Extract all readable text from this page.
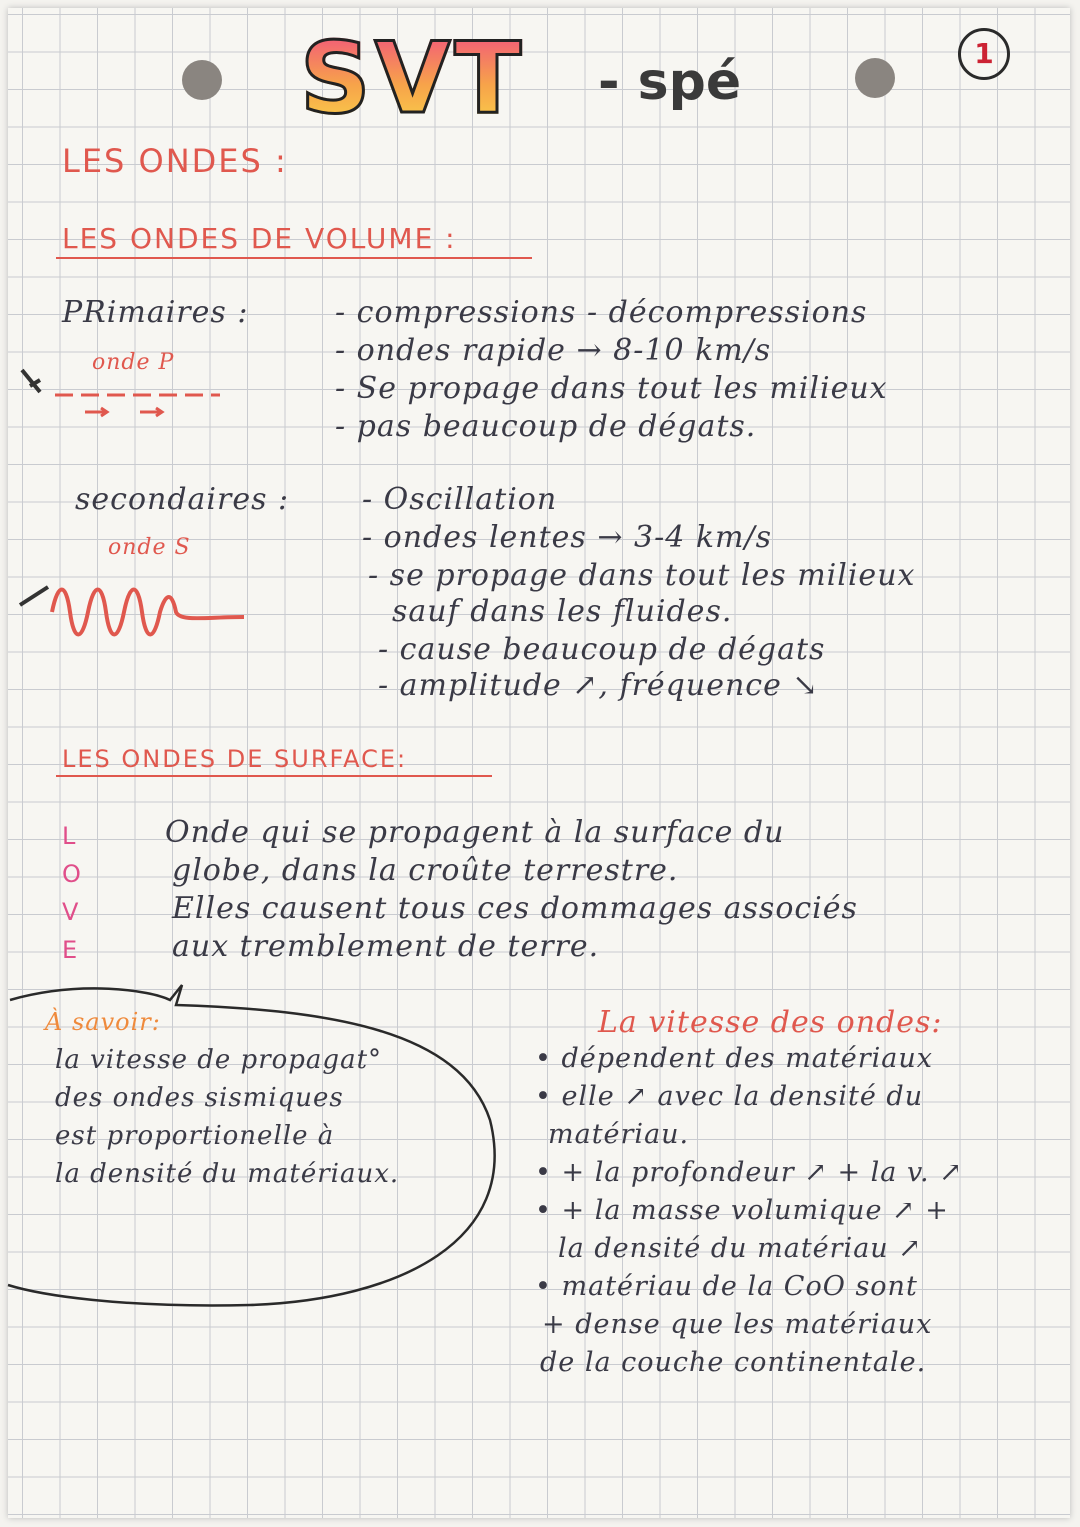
SVT - spé	1
LES ONDES :
LES ONDES DE VOLUME :
PRimaires :
onde P
- compressions - décompressions
- ondes rapide → 8-10 km/s
- Se propage dans tout les milieux
- pas beaucoup de dégats.
secondaires :
onde S
- Oscillation
- ondes lentes → 3-4 km/s
- se propage dans tout les milieux
sauf dans les fluides.
- cause beaucoup de dégats
- amplitude ↗, fréquence ↘
LES ONDES DE SURFACE:
L
O
V
E
Onde qui se propagent à la surface du
globe, dans la croûte terrestre.
Elles causent tous ces dommages associés
aux tremblement de terre.
À savoir:
la vitesse de propagat°
des ondes sismiques
est proportionelle à
la densité du matériaux.
La vitesse des ondes:
• dépendent des matériaux
• elle ↗ avec la densité du
matériau.
• + la profondeur ↗ + la v. ↗
• + la masse volumique ↗ +
la densité du matériau ↗
• matériau de la CoO sont
+ dense que les matériaux
de la couche continentale.
